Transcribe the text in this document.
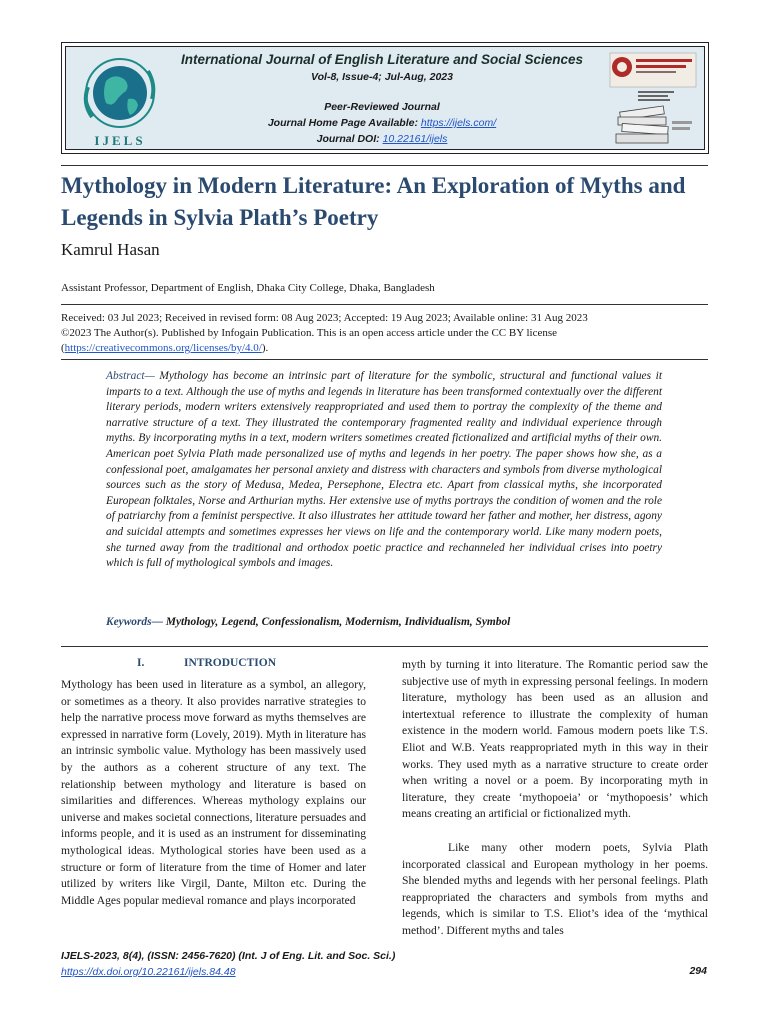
IJELS
International Journal of English Literature and Social Sciences
Vol-8, Issue-4; Jul-Aug, 2023
Peer-Reviewed Journal
Journal Home Page Available: https://ijels.com/
Journal DOI: 10.22161/ijels
Mythology in Modern Literature: An Exploration of Myths and Legends in Sylvia Plath’s Poetry
Kamrul Hasan
Assistant Professor, Department of English, Dhaka City College, Dhaka, Bangladesh
Received: 03 Jul 2023; Received in revised form: 08 Aug 2023; Accepted: 19 Aug 2023; Available online: 31 Aug 2023
©2023 The Author(s). Published by Infogain Publication. This is an open access article under the CC BY license
(https://creativecommons.org/licenses/by/4.0/).

Abstract— Mythology has become an intrinsic part of literature for the symbolic, structural and functional values it imparts to a text. Although the use of myths and legends in literature has been transformed contextually over the different literary periods, modern writers extensively reappropriated and used them to portray the complexity of the theme and narrative structure of a text. They illustrated the contemporary fragmented reality and individual experience through myths. By incorporating myths in a text, modern writers sometimes created fictionalized and artificial myths of their own. American poet Sylvia Plath made personalized use of myths and legends in her poetry. The paper shows how she, as a confessional poet, amalgamates her personal anxiety and distress with characters and symbols from diverse mythological sources such as the story of Medusa, Medea, Persephone, Electra etc. Apart from classical myths, she incorporated European folktales, Norse and Arthurian myths. Her extensive use of myths portrays the condition of women and the role of patriarchy from a feminist perspective. It also illustrates her attitude toward her father and mother, her distress, agony and suicidal attempts and sometimes expresses her views on life and the contemporary world. Like many modern poets, she turned away from the traditional and orthodox poetic practice and rechanneled her individual crises into poetry which is full of mythological symbols and images.

Keywords— Mythology, Legend, Confessionalism, Modernism, Individualism, Symbol

I.	INTRODUCTION

Mythology has been used in literature as a symbol, an allegory, or sometimes as a theory. It also provides narrative strategies to help the narrative process move forward as myths themselves are expressed in narrative form (Lovely, 2019). Myth in literature has an intrinsic symbolic value. Mythology has been massively used by the authors as a coherent structure of any text. The relationship between mythology and literature is based on similarities and differences. Whereas mythology explains our universe and makes societal connections, literature persuades and informs people, and it is used as an instrument for disseminating mythological ideas. Mythological stories have been used as a structure or form of literature from the time of Homer and later utilized by writers like Virgil, Dante, Milton etc. During the Middle Ages popular medieval romance and plays incorporated

myth by turning it into literature. The Romantic period saw the subjective use of myth in expressing personal feelings. In modern literature, mythology has been used as an allusion and intertextual reference to illustrate the complexity of human existence in the modern world. Famous modern poets like T.S. Eliot and W.B. Yeats reappropriated myth in this way in their works. They used myth as a narrative structure to create order when writing a novel or a poem. By incorporating myth in literature, they create ‘mythopoeia’ or ‘mythopoesis’ which means creating an artificial or fictionalized myth.

Like many other modern poets, Sylvia Plath incorporated classical and European mythology in her poems. She blended myths and legends with her personal feelings. Plath reappropriated the characters and symbols from myths and legends, which is similar to T.S. Eliot’s idea of the ‘mythical method’. Different myths and tales

IJELS-2023, 8(4), (ISSN: 2456-7620) (Int. J of Eng. Lit. and Soc. Sci.)
https://dx.doi.org/10.22161/ijels.84.48	294
